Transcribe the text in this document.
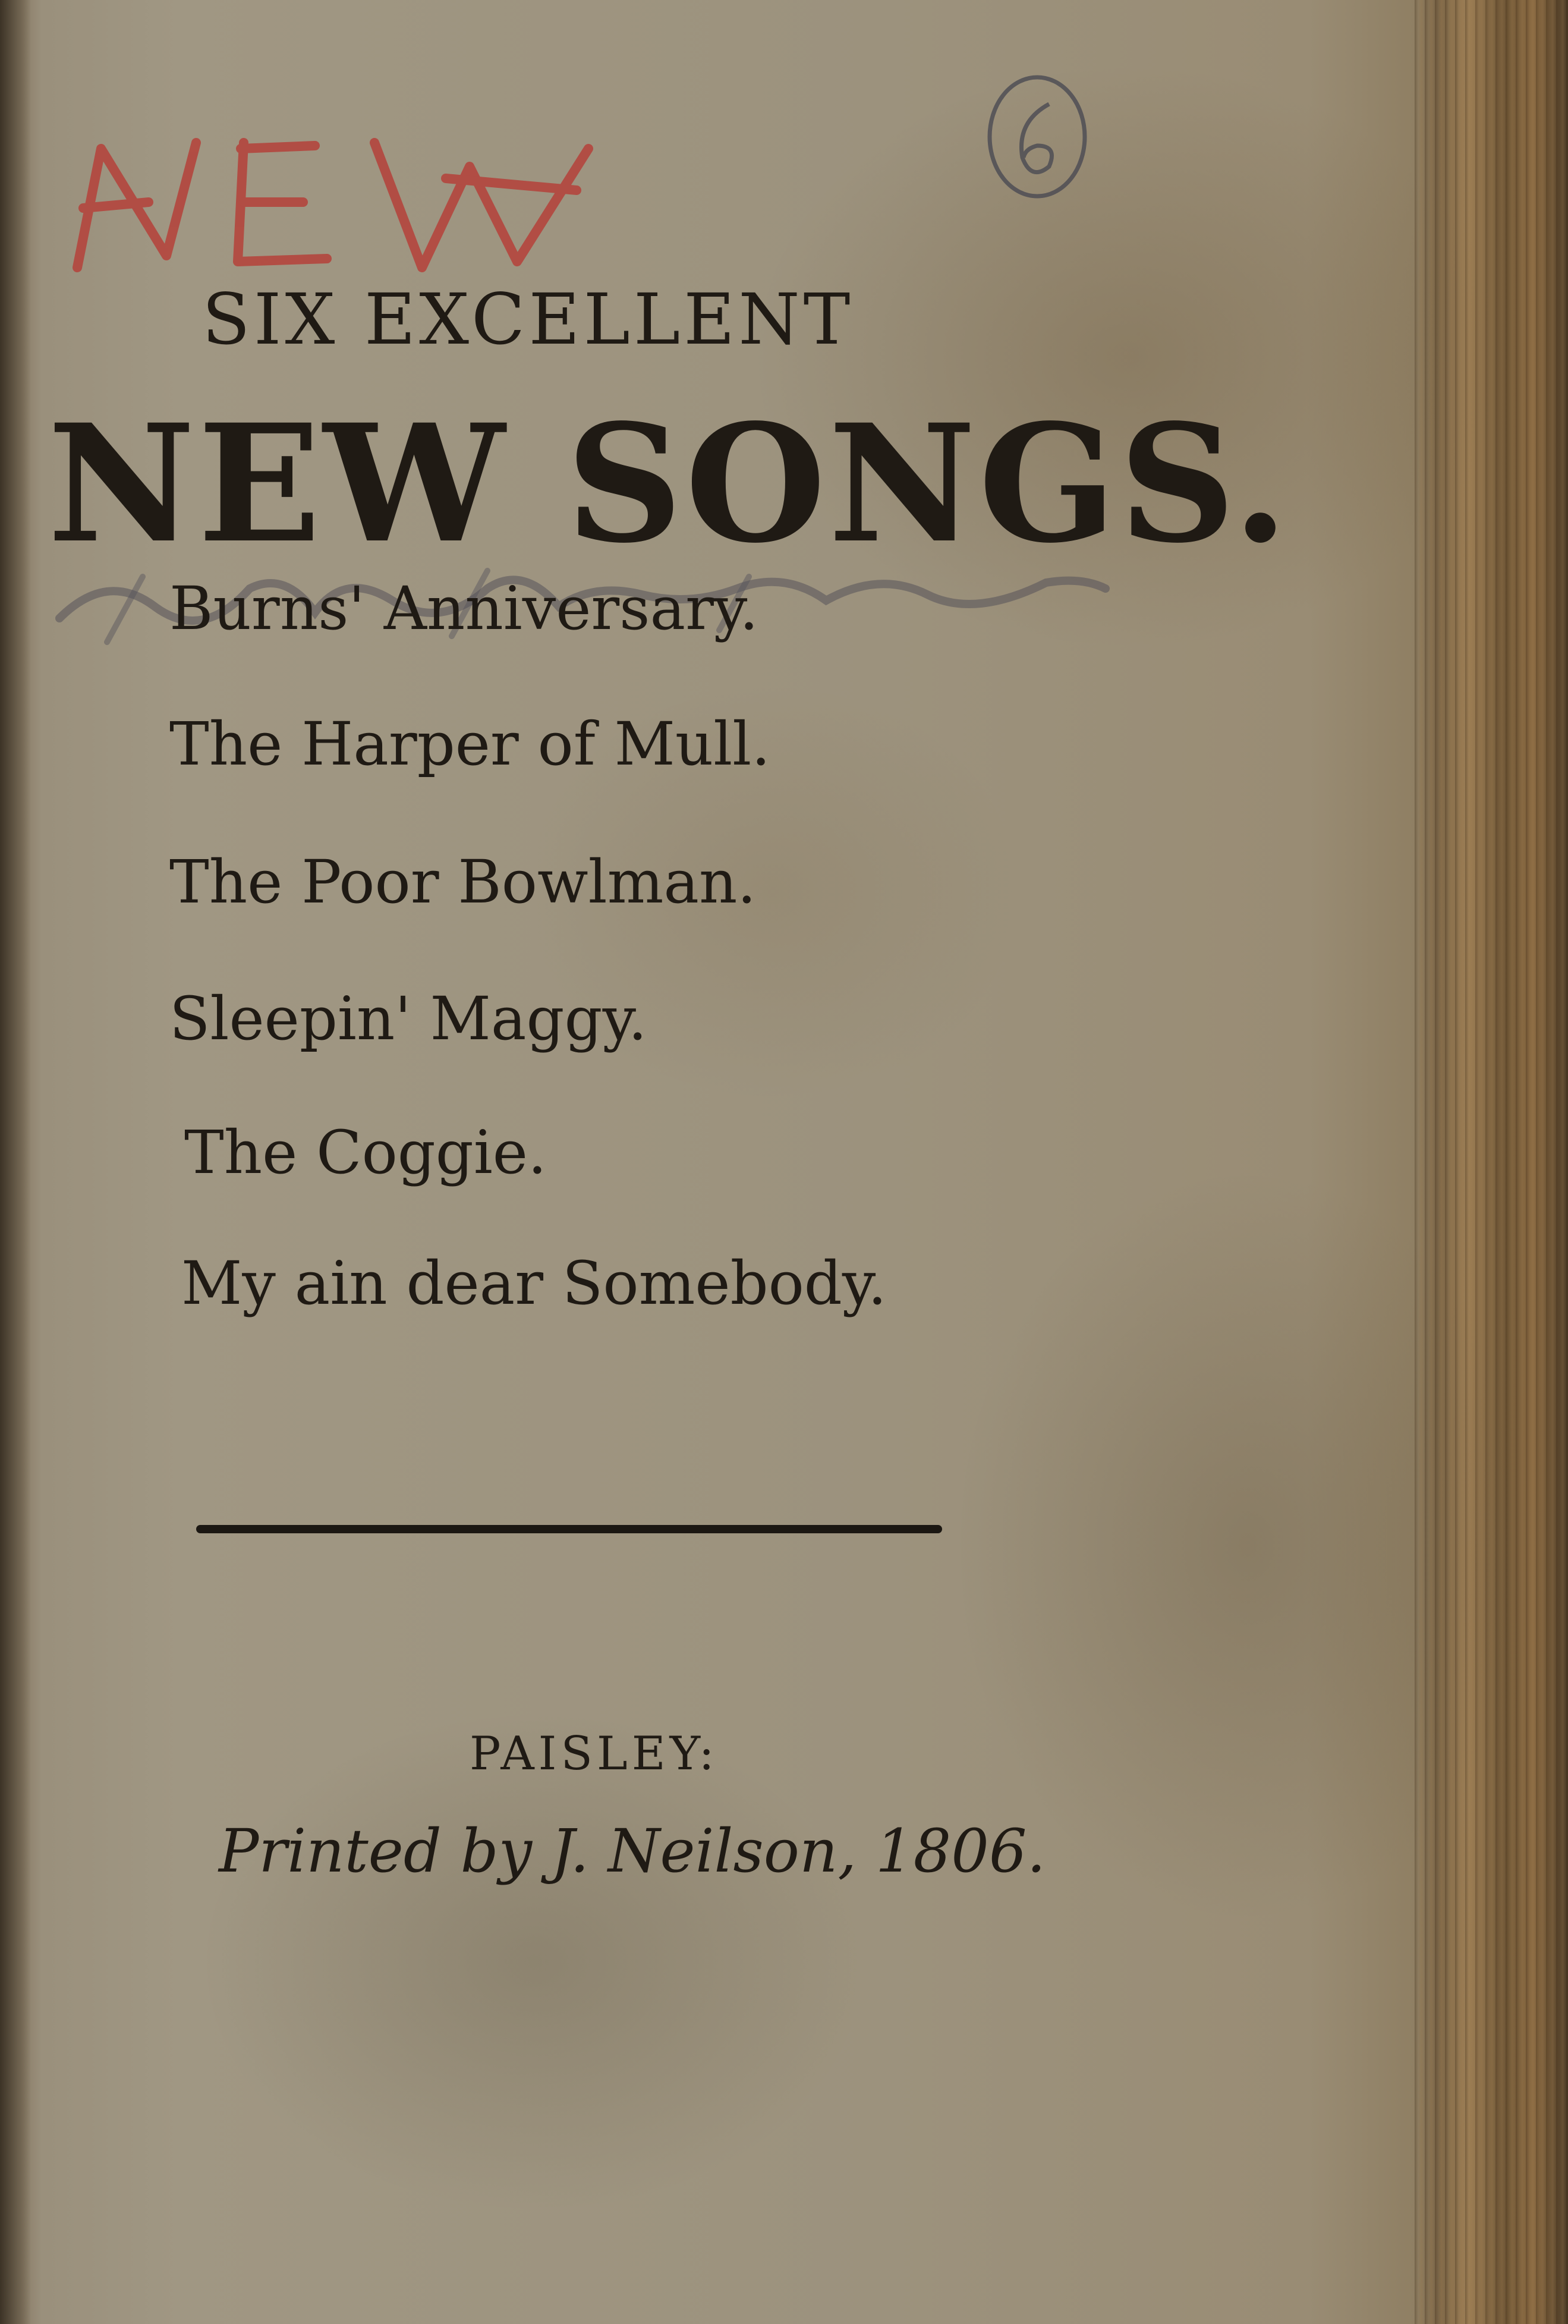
SIX EXCELLENT
NEW SONGS.
Burns' Anniversary.
The Harper of Mull.
The Poor Bowlman.
Sleepin' Maggy.
The Coggie.
My ain dear Somebody.
PAISLEY:
Printed by J. Neilson, 1806.
